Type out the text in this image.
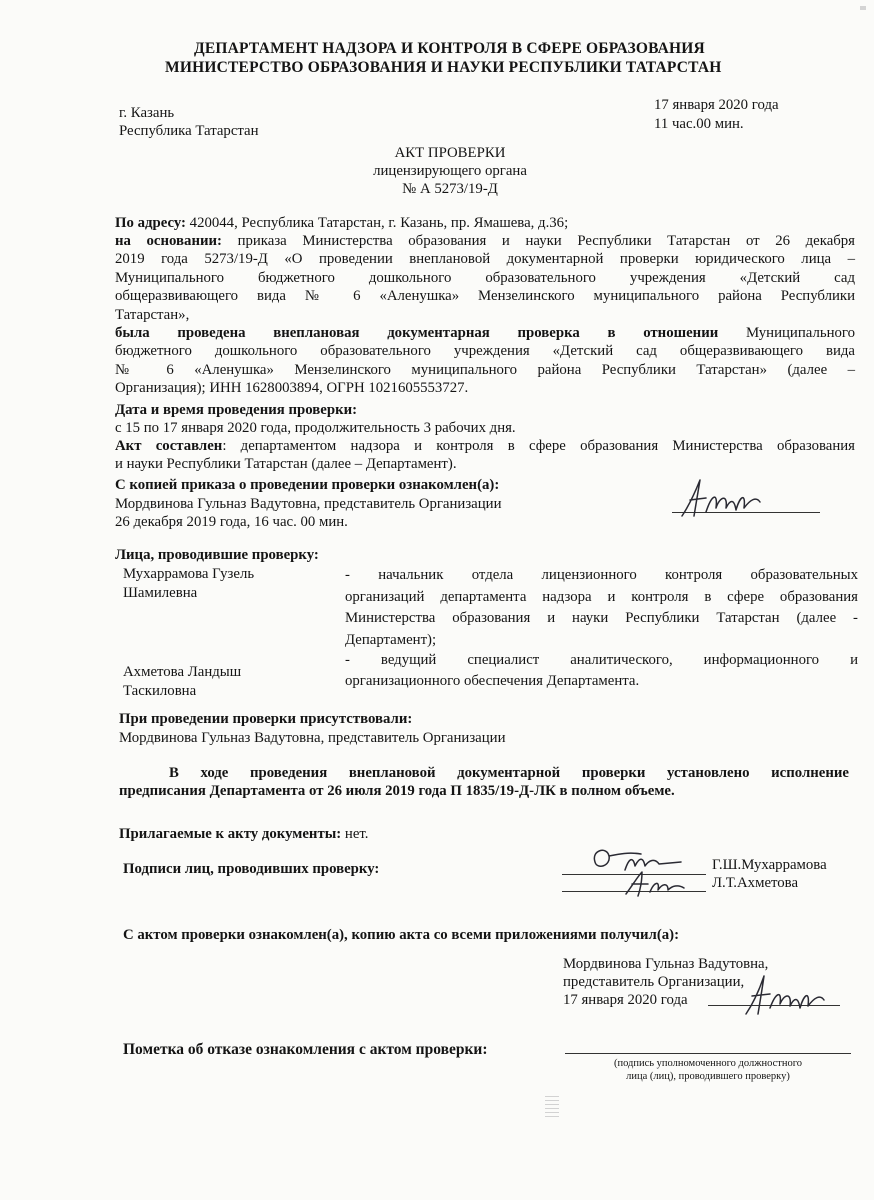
ДЕПАРТАМЕНТ НАДЗОРА И КОНТРОЛЯ В СФЕРЕ ОБРАЗОВАНИЯ
МИНИСТЕРСТВО ОБРАЗОВАНИЯ И НАУКИ РЕСПУБЛИКИ ТАТАРСТАН
г. Казань
Республика Татарстан
17 января 2020 года
11 час.00 мин.
АКТ ПРОВЕРКИ
лицензирующего органа
№ А 5273/19-Д
По адресу: 420044, Республика Татарстан, г. Казань, пр. Ямашева, д.36;
на основании: приказа Министерства образования и науки Республики Татарстан от 26 декабря
2019 года 5273/19-Д «О проведении внеплановой документарной проверки юридического лица –
Муниципального бюджетного дошкольного образовательного учреждения «Детский сад
общеразвивающего вида № 6 «Аленушка» Мензелинского муниципального района Республики
Татарстан»,
была проведена внеплановая документарная проверка в отношении Муниципального
бюджетного дошкольного образовательного учреждения «Детский сад общеразвивающего вида
№ 6 «Аленушка» Мензелинского муниципального района Республики Татарстан» (далее –
Организация); ИНН 1628003894, ОГРН 1021605553727.
Дата и время проведения проверки:
с 15 по 17 января 2020 года, продолжительность 3 рабочих дня.
Акт составлен: департаментом надзора и контроля в сфере образования Министерства образования
и науки Республики Татарстан (далее – Департамент).
С копией приказа о проведении проверки ознакомлен(а):
Мордвинова Гульназ Вадутовна, представитель Организации
26 декабря 2019 года, 16 час. 00 мин.
Лица, проводившие проверку:
Мухаррамова Гузель
Шамилевна
- начальник отдела лицензионного контроля образовательных
организаций департамента надзора и контроля в сфере образования
Министерства образования и науки Республики Татарстан (далее -
Департамент);
Ахметова Ландыш
Таскиловна
- ведущий специалист аналитического, информационного и
организационного обеспечения Департамента.
При проведении проверки присутствовали:
Мордвинова Гульназ Вадутовна, представитель Организации
В ходе проведения внеплановой документарной проверки установлено исполнение
предписания Департамента от 26 июля 2019 года П 1835/19-Д-ЛК в полном объеме.
Прилагаемые к акту документы: нет.
Подписи лиц, проводивших проверку:	Г.Ш.Мухаррамова
Л.Т.Ахметова
С актом проверки ознакомлен(а), копию акта со всеми приложениями получил(а):
Мордвинова Гульназ Вадутовна,
представитель Организации,
17 января 2020 года
Пометка об отказе ознакомления с актом проверки:
(подпись уполномоченного должностного
лица (лиц), проводившего проверку)
